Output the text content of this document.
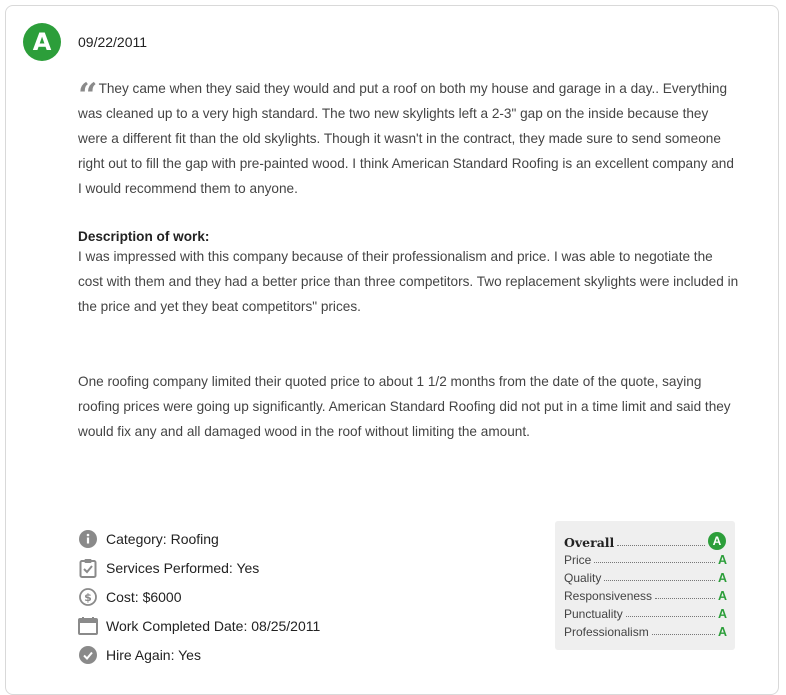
A	09/22/2011
“ They came when they said they would and put a roof on both my house and garage in a day.. Everything was cleaned up to a very high standard. The two new skylights left a 2-3" gap on the inside because they were a different fit than the old skylights. Though it wasn't in the contract, they made sure to send someone right out to fill the gap with pre-painted wood. I think American Standard Roofing is an excellent company and I would recommend them to anyone.
Description of work:
I was impressed with this company because of their professionalism and price. I was able to negotiate the cost with them and they had a better price than three competitors. Two replacement skylights were included in the price and yet they beat competitors" prices.
One roofing company limited their quoted price to about 1 1/2 months from the date of the quote, saying roofing prices were going up significantly. American Standard Roofing did not put in a time limit and said they would fix any and all damaged wood in the roof without limiting the amount.
Category: Roofing
Services Performed: Yes
$ Cost: $6000
Work Completed Date: 08/25/2011
Hire Again: Yes
Overall	A
Price	A
Quality	A
Responsiveness	A
Punctuality	A
Professionalism	A
